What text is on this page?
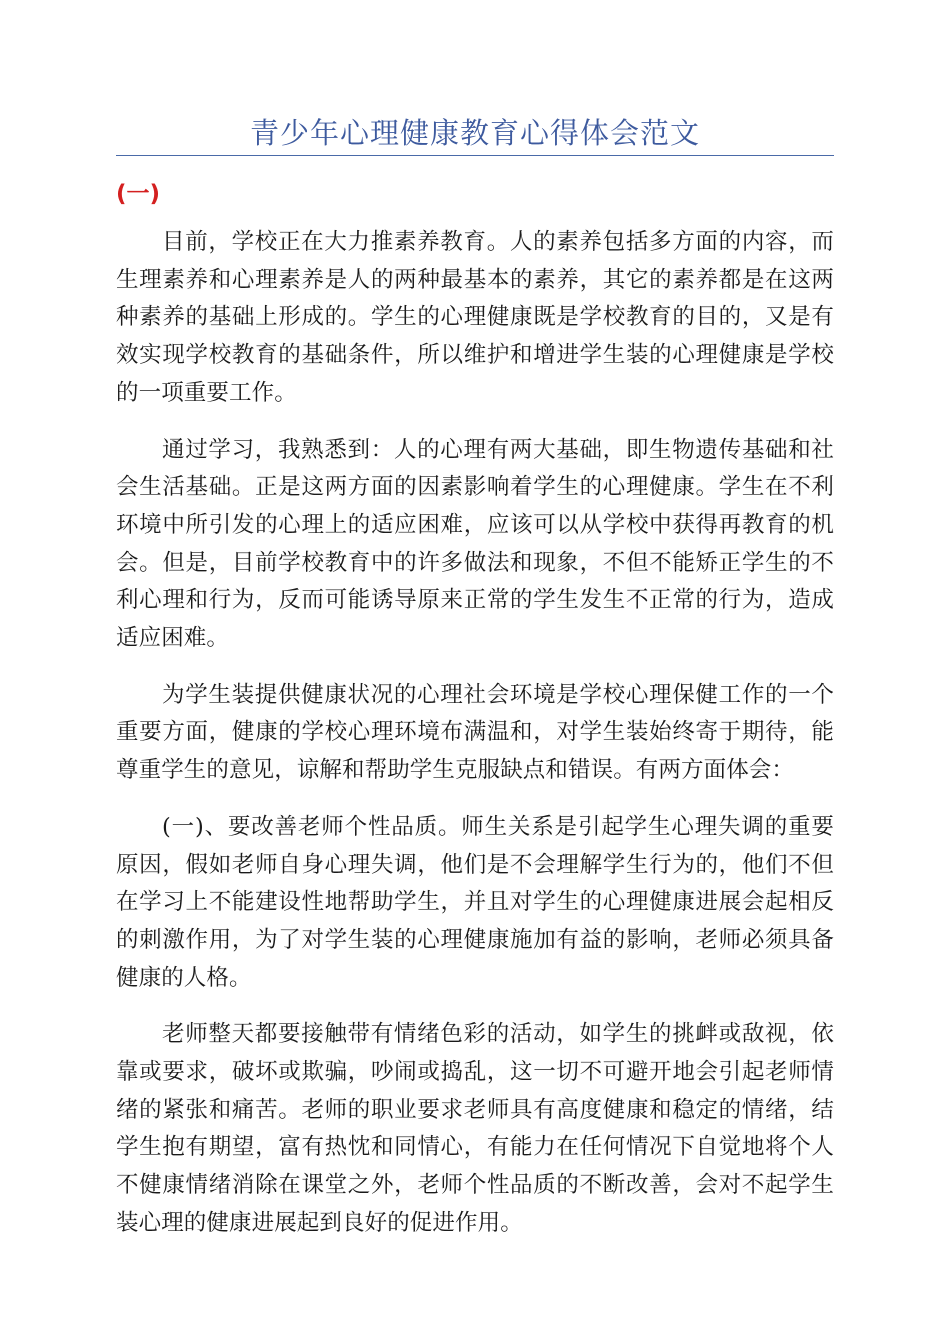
青少年心理健康教育心得体会范文
(一)

目前，学校正在大力推素养教育。人的素养包括多方面的内容，而生理素养和心理素养是人的两种最基本的素养，其它的素养都是在这两种素养的基础上形成的。学生的心理健康既是学校教育的目的，又是有效实现学校教育的基础条件，所以维护和增进学生装的心理健康是学校的一项重要工作。

通过学习，我熟悉到：人的心理有两大基础，即生物遗传基础和社会生活基础。正是这两方面的因素影响着学生的心理健康。学生在不利环境中所引发的心理上的适应困难，应该可以从学校中获得再教育的机会。但是，目前学校教育中的许多做法和现象，不但不能矫正学生的不利心理和行为，反而可能诱导原来正常的学生发生不正常的行为，造成适应困难。

为学生装提供健康状况的心理社会环境是学校心理保健工作的一个重要方面，健康的学校心理环境布满温和，对学生装始终寄于期待，能尊重学生的意见，谅解和帮助学生克服缺点和错误。有两方面体会：

(一)、要改善老师个性品质。师生关系是引起学生心理失调的重要原因，假如老师自身心理失调，他们是不会理解学生行为的，他们不但在学习上不能建设性地帮助学生，并且对学生的心理健康进展会起相反的刺激作用，为了对学生装的心理健康施加有益的影响，老师必须具备健康的人格。

老师整天都要接触带有情绪色彩的活动，如学生的挑衅或敌视，依靠或要求，破坏或欺骗，吵闹或捣乱，这一切不可避开地会引起老师情绪的紧张和痛苦。老师的职业要求老师具有高度健康和稳定的情绪，结学生抱有期望，富有热忱和同情心，有能力在任何情况下自觉地将个人不健康情绪消除在课堂之外，老师个性品质的不断改善，会对不起学生装心理的健康进展起到良好的促进作用。
